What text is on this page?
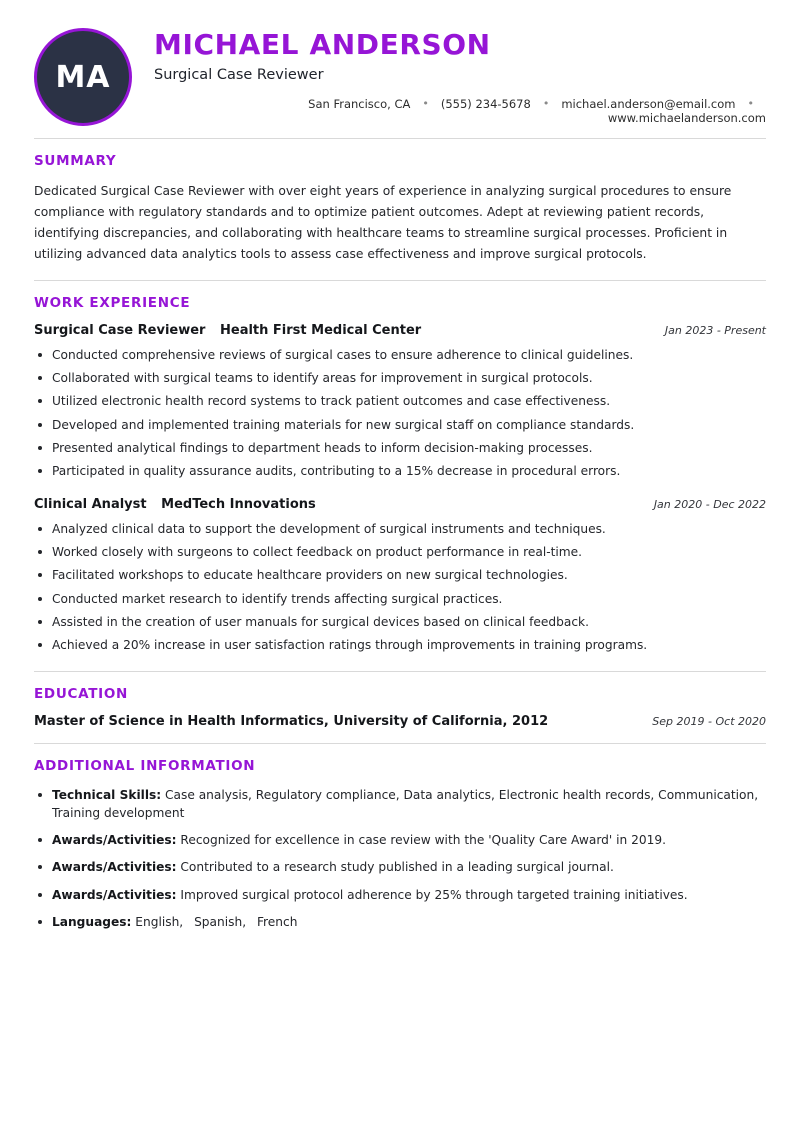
MA
MICHAEL ANDERSON
Surgical Case Reviewer
San Francisco, CA	•	(555) 234-5678	•	michael.anderson@email.com	•
www.michaelanderson.com
SUMMARY

Dedicated Surgical Case Reviewer with over eight years of experience in analyzing surgical procedures to ensure compliance with regulatory standards and to optimize patient outcomes. Adept at reviewing patient records, identifying discrepancies, and collaborating with healthcare teams to streamline surgical processes. Proficient in utilizing advanced data analytics tools to assess case effectiveness and improve surgical protocols.

WORK EXPERIENCE
Surgical Case Reviewer Health First Medical Center	Jan 2023 - Present
Conducted comprehensive reviews of surgical cases to ensure adherence to clinical guidelines.
Collaborated with surgical teams to identify areas for improvement in surgical protocols.
Utilized electronic health record systems to track patient outcomes and case effectiveness.
Developed and implemented training materials for new surgical staff on compliance standards.
Presented analytical findings to department heads to inform decision-making processes.
Participated in quality assurance audits, contributing to a 15% decrease in procedural errors.
Clinical Analyst MedTech Innovations	Jan 2020 - Dec 2022
Analyzed clinical data to support the development of surgical instruments and techniques.
Worked closely with surgeons to collect feedback on product performance in real-time.
Facilitated workshops to educate healthcare providers on new surgical technologies.
Conducted market research to identify trends affecting surgical practices.
Assisted in the creation of user manuals for surgical devices based on clinical feedback.
Achieved a 20% increase in user satisfaction ratings through improvements in training programs.
EDUCATION
Master of Science in Health Informatics, University of California, 2012	Sep 2019 - Oct 2020
ADDITIONAL INFORMATION
Technical Skills: Case analysis, Regulatory compliance, Data analytics, Electronic health records, Communication, Training development
Awards/Activities: Recognized for excellence in case review with the 'Quality Care Award' in 2019.
Awards/Activities: Contributed to a research study published in a leading surgical journal.
Awards/Activities: Improved surgical protocol adherence by 25% through targeted training initiatives.
Languages: English, Spanish, French
